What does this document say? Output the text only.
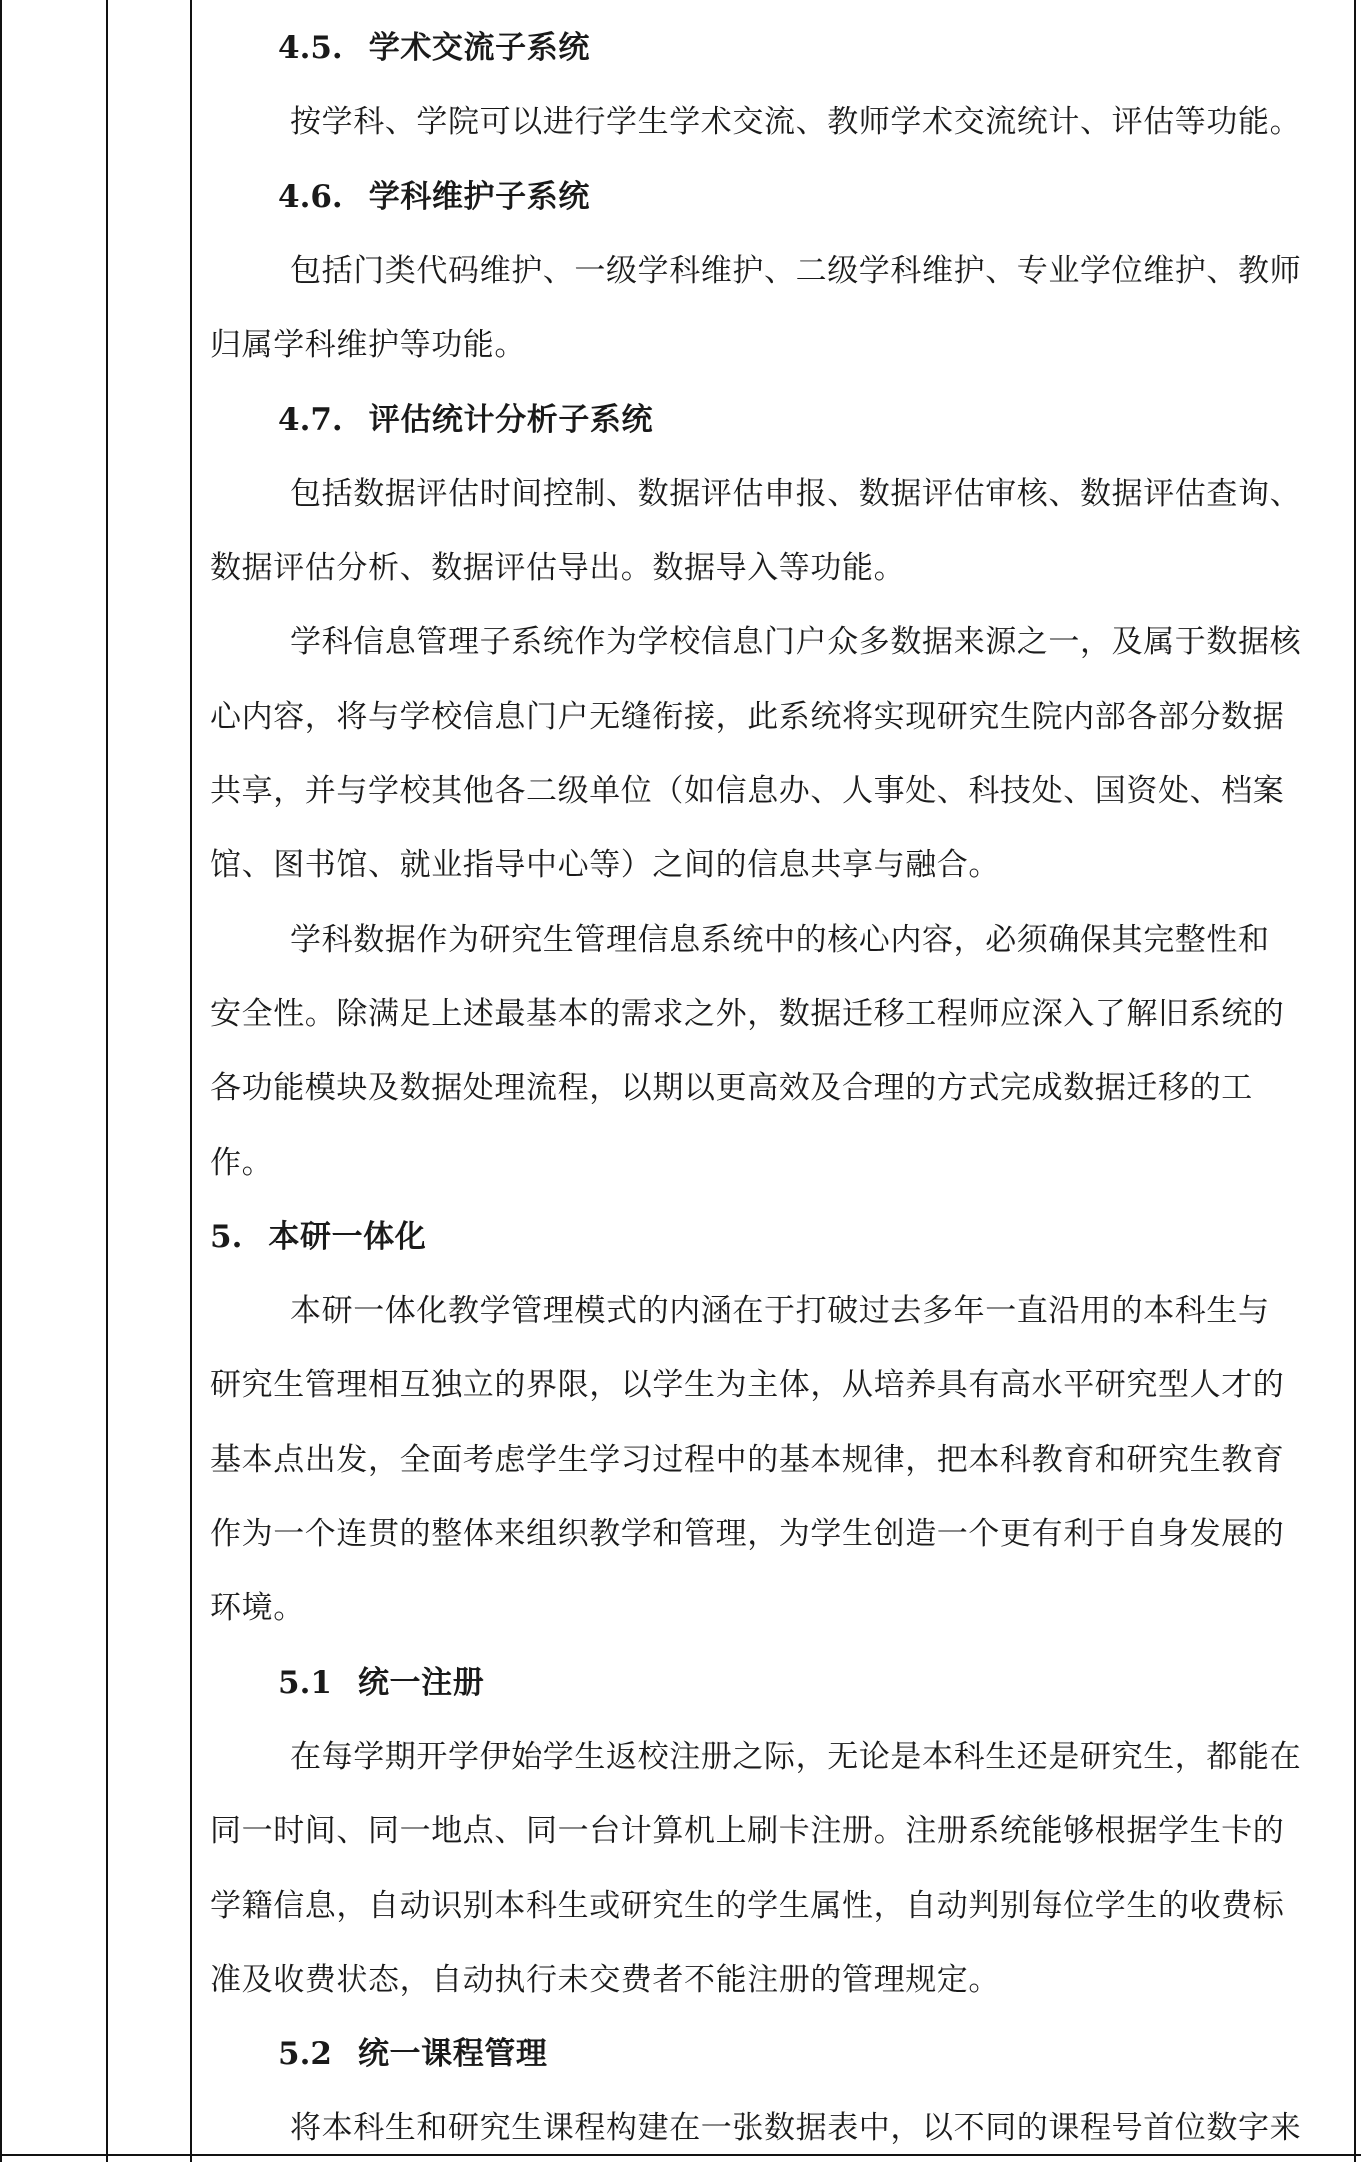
4.5. 学术交流子系统
按学科、学院可以进行学生学术交流、教师学术交流统计、评估等功能。
4.6. 学科维护子系统
包括门类代码维护、一级学科维护、二级学科维护、专业学位维护、教师
归属学科维护等功能。
4.7. 评估统计分析子系统
包括数据评估时间控制、数据评估申报、数据评估审核、数据评估查询、
数据评估分析、数据评估导出。数据导入等功能。
学科信息管理子系统作为学校信息门户众多数据来源之一，及属于数据核
心内容，将与学校信息门户无缝衔接，此系统将实现研究生院内部各部分数据
共享，并与学校其他各二级单位（如信息办、人事处、科技处、国资处、档案
馆、图书馆、就业指导中心等）之间的信息共享与融合。
学科数据作为研究生管理信息系统中的核心内容，必须确保其完整性和
安全性。除满足上述最基本的需求之外，数据迁移工程师应深入了解旧系统的
各功能模块及数据处理流程，以期以更高效及合理的方式完成数据迁移的工
作。
5. 本研一体化
本研一体化教学管理模式的内涵在于打破过去多年一直沿用的本科生与
研究生管理相互独立的界限，以学生为主体，从培养具有高水平研究型人才的
基本点出发，全面考虑学生学习过程中的基本规律，把本科教育和研究生教育
作为一个连贯的整体来组织教学和管理，为学生创造一个更有利于自身发展的
环境。
5.1 统一注册
在每学期开学伊始学生返校注册之际，无论是本科生还是研究生，都能在
同一时间、同一地点、同一台计算机上刷卡注册。注册系统能够根据学生卡的
学籍信息，自动识别本科生或研究生的学生属性，自动判别每位学生的收费标
准及收费状态，自动执行未交费者不能注册的管理规定。
5.2 统一课程管理
将本科生和研究生课程构建在一张数据表中，以不同的课程号首位数字来
